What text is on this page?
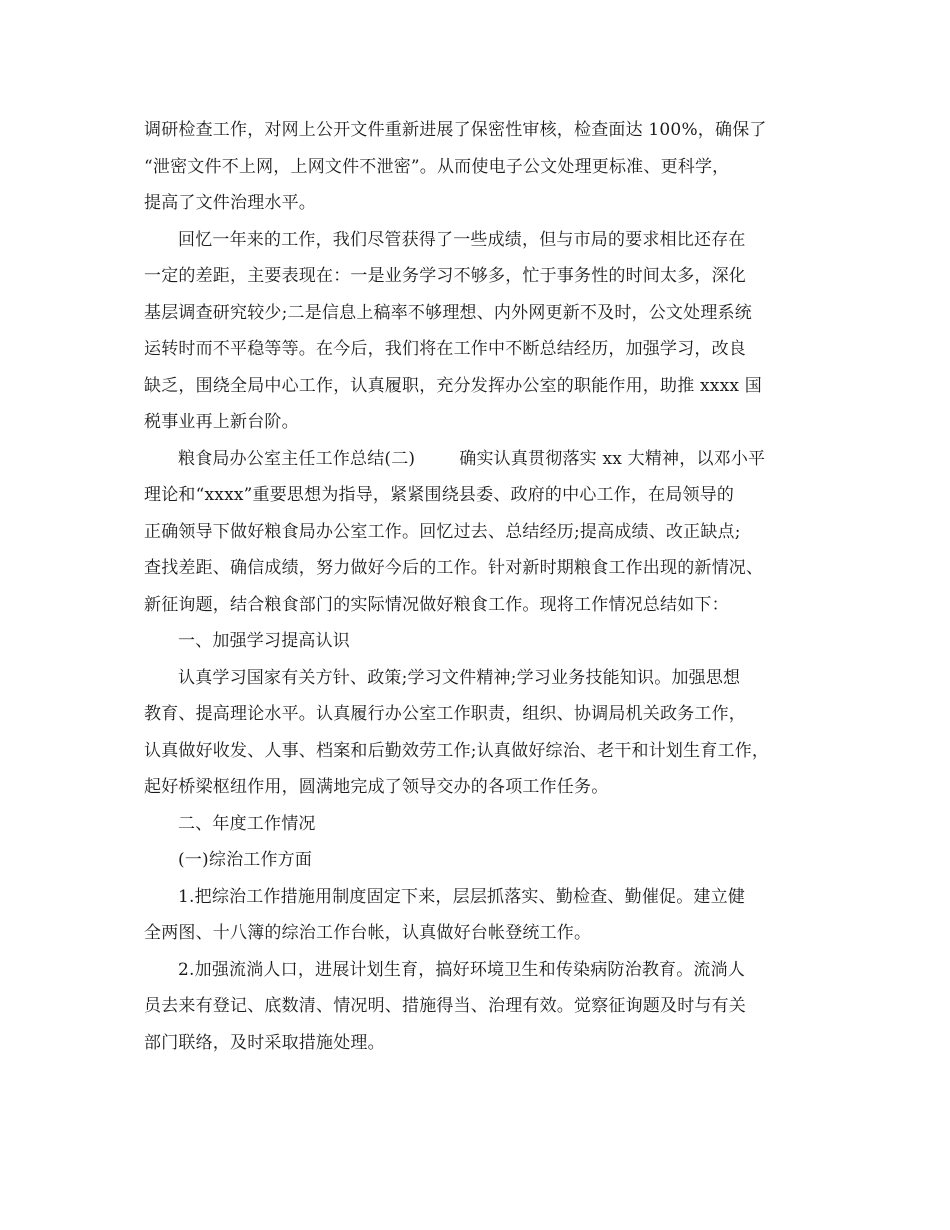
调研检查工作，对网上公开文件重新进展了保密性审核，检查面达 100%，确保了
“泄密文件不上网，上网文件不泄密”。从而使电子公文处理更标准、更科学，
提高了文件治理水平。
回忆一年来的工作，我们尽管获得了一些成绩，但与市局的要求相比还存在
一定的差距，主要表现在：一是业务学习不够多，忙于事务性的时间太多，深化
基层调查研究较少;二是信息上稿率不够理想、内外网更新不及时，公文处理系统
运转时而不平稳等等。在今后，我们将在工作中不断总结经历，加强学习，改良
缺乏，围绕全局中心工作，认真履职，充分发挥办公室的职能作用，助推 xxxx 国
税事业再上新台阶。
粮食局办公室主任工作总结(二)	确实认真贯彻落实 xx 大精神，以邓小平
理论和“xxxx”重要思想为指导，紧紧围绕县委、政府的中心工作，在局领导的
正确领导下做好粮食局办公室工作。回忆过去、总结经历;提高成绩、改正缺点;
查找差距、确信成绩，努力做好今后的工作。针对新时期粮食工作出现的新情况、
新征询题，结合粮食部门的实际情况做好粮食工作。现将工作情况总结如下：
一、加强学习提高认识
认真学习国家有关方针、政策;学习文件精神;学习业务技能知识。加强思想
教育、提高理论水平。认真履行办公室工作职责，组织、协调局机关政务工作，
认真做好收发、人事、档案和后勤效劳工作;认真做好综治、老干和计划生育工作，
起好桥梁枢纽作用，圆满地完成了领导交办的各项工作任务。
二、年度工作情况
(一)综治工作方面
1.把综治工作措施用制度固定下来，层层抓落实、勤检查、勤催促。建立健
全两图、十八簿的综治工作台帐，认真做好台帐登统工作。
2.加强流淌人口，进展计划生育，搞好环境卫生和传染病防治教育。流淌人
员去来有登记、底数清、情况明、措施得当、治理有效。觉察征询题及时与有关
部门联络，及时采取措施处理。
